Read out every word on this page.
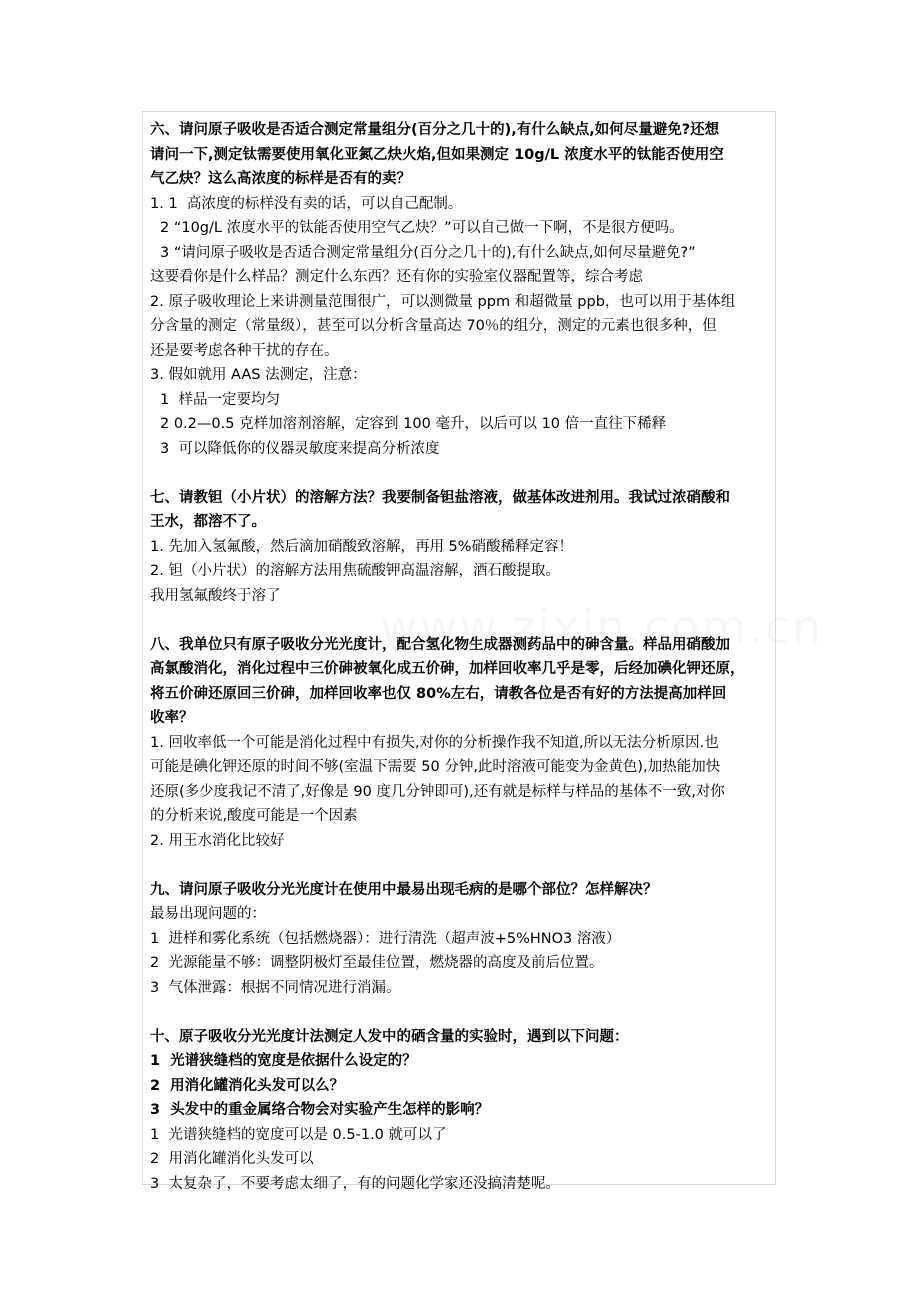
六、请问原子吸收是否适合测定常量组分(百分之几十的),有什么缺点,如何尽量避免?还想
请问一下,测定钛需要使用氧化亚氮乙炔火焰,但如果测定 10g/L 浓度水平的钛能否使用空
气乙炔？这么高浓度的标样是否有的卖？
1. 1  高浓度的标样没有卖的话，可以自己配制。
2 “10g/L 浓度水平的钛能否使用空气乙炔？”可以自己做一下啊，不是很方便吗。
3 “请问原子吸收是否适合测定常量组分(百分之几十的),有什么缺点,如何尽量避免?”
这要看你是什么样品？测定什么东西？还有你的实验室仪器配置等，综合考虑
2. 原子吸收理论上来讲测量范围很广，可以测微量 ppm 和超微量 ppb，也可以用于基体组
分含量的测定（常量级），甚至可以分析含量高达 70％的组分，测定的元素也很多种，但
还是要考虑各种干扰的存在。
3. 假如就用 AAS 法测定，注意：
1  样品一定要均匀
2 0.2—0.5 克样加溶剂溶解，定容到 100 毫升，以后可以 10 倍一直往下稀释
3  可以降低你的仪器灵敏度来提高分析浓度
七、请教钽（小片状）的溶解方法？我要制备钽盐溶液，做基体改进剂用。我试过浓硝酸和
王水，都溶不了。
1. 先加入氢氟酸，然后滴加硝酸致溶解，再用 5%硝酸稀释定容！
2. 钽（小片状）的溶解方法用焦硫酸钾高温溶解，酒石酸提取。
我用氢氟酸终于溶了
八、我单位只有原子吸收分光光度计，配合氢化物生成器测药品中的砷含量。样品用硝酸加
高氯酸消化，消化过程中三价砷被氧化成五价砷，加样回收率几乎是零，后经加碘化钾还原，
将五价砷还原回三价砷，加样回收率也仅 80%左右，请教各位是否有好的方法提高加样回
收率？
1. 回收率低一个可能是消化过程中有损失,对你的分析操作我不知道,所以无法分析原因.也
可能是碘化钾还原的时间不够(室温下需要 50 分钟,此时溶液可能变为金黄色),加热能加快
还原(多少度我记不清了,好像是 90 度几分钟即可),还有就是标样与样品的基体不一致,对你
的分析来说,酸度可能是一个因素
2. 用王水消化比较好
九、请问原子吸收分光光度计在使用中最易出现毛病的是哪个部位？怎样解决？
最易出现问题的：
1  进样和雾化系统（包括燃烧器）：进行清洗（超声波+5%HNO3 溶液）
2  光源能量不够：调整阴极灯至最佳位置，燃烧器的高度及前后位置。
3  气体泄露：根据不同情况进行消漏。
十、原子吸收分光光度计法测定人发中的硒含量的实验时，遇到以下问题：
1  光谱狭缝档的宽度是依据什么设定的？
2  用消化罐消化头发可以么？
3  头发中的重金属络合物会对实验产生怎样的影响？
1  光谱狭缝档的宽度可以是 0.5-1.0 就可以了
2  用消化罐消化头发可以
3  太复杂了，不要考虑太细了，有的问题化学家还没搞清楚呢。
